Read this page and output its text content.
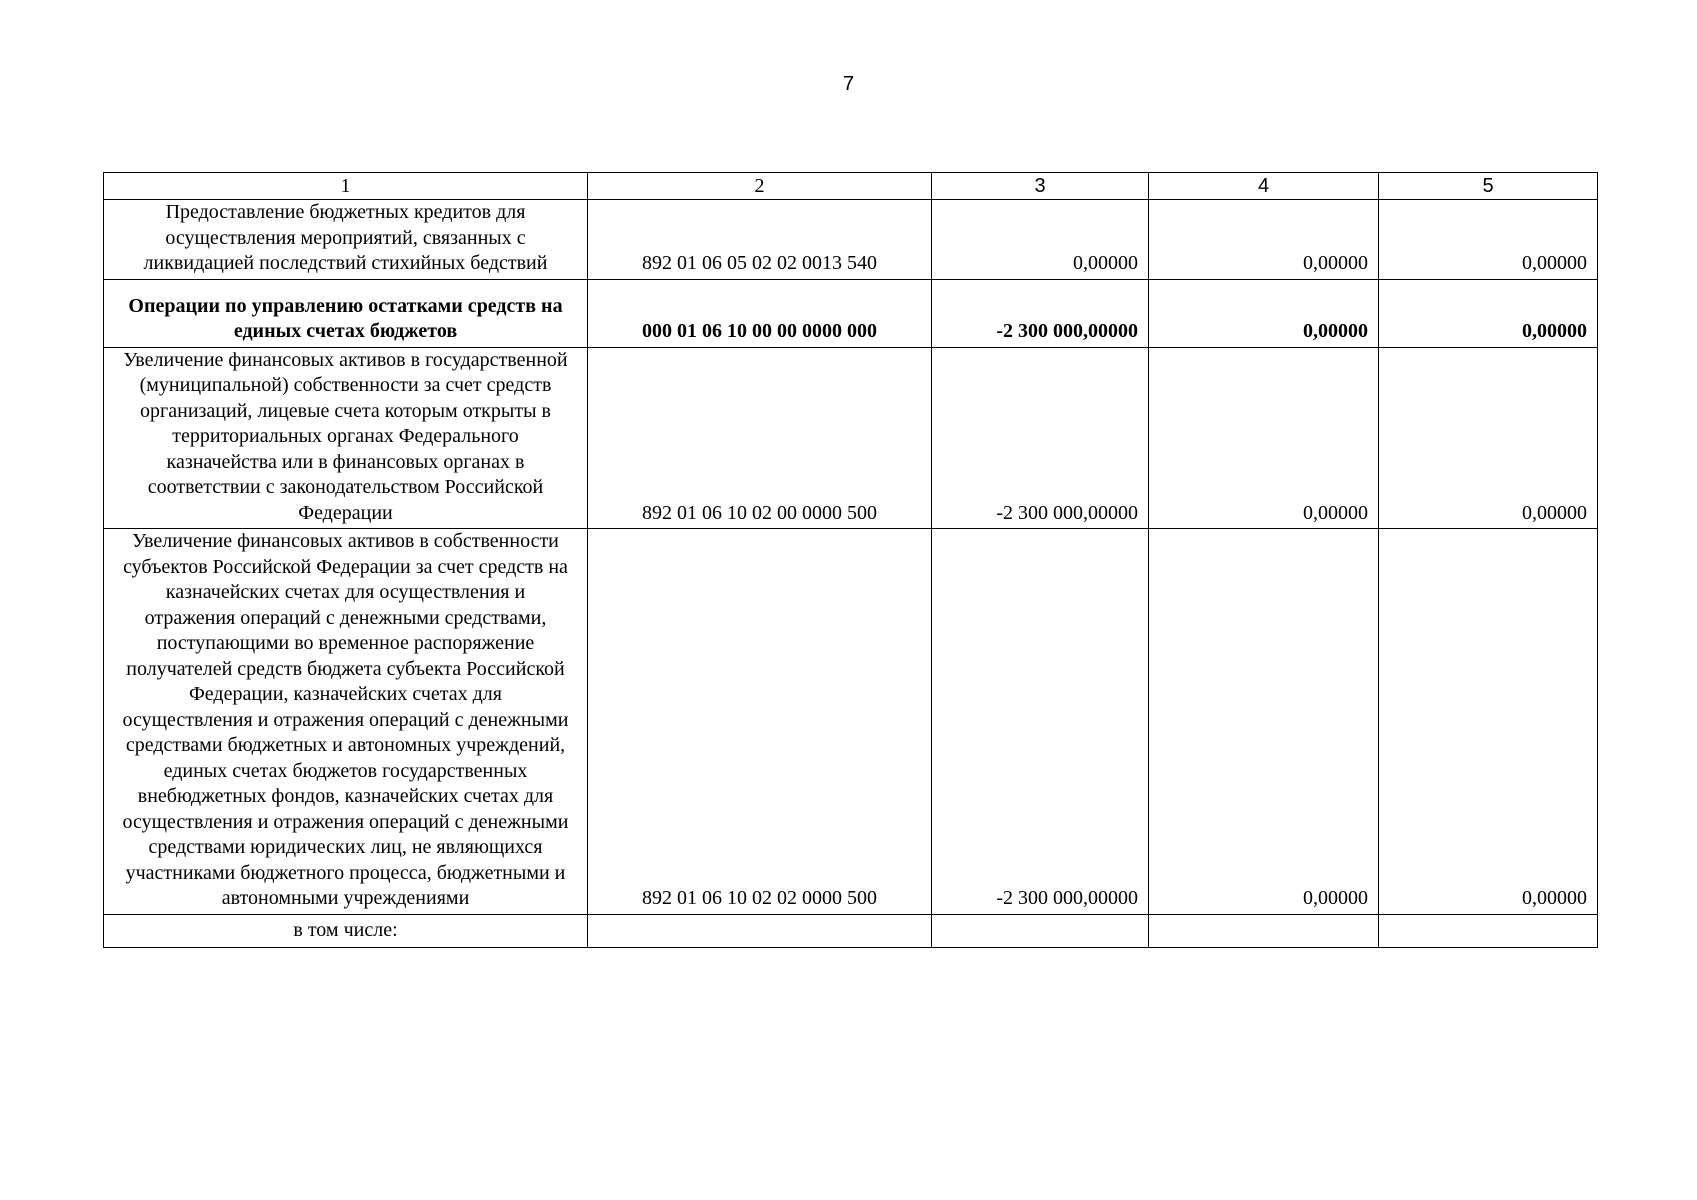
7
1	2	3	4	5
Предоставление бюджетных кредитов для осуществления мероприятий, связанных с ликвидацией последствий стихийных бедствий	892 01 06 05 02 02 0013 540	0,00000	0,00000	0,00000
Операции по управлению остатками средств на единых счетах бюджетов	000 01 06 10 00 00 0000 000	-2 300 000,00000	0,00000	0,00000
Увеличение финансовых активов в государственной (муниципальной) собственности за счет средств организаций, лицевые счета которым открыты в территориальных органах Федерального казначейства или в финансовых органах в соответствии с законодательством Российской Федерации	892 01 06 10 02 00 0000 500	-2 300 000,00000	0,00000	0,00000
Увеличение финансовых активов в собственности субъектов Российской Федерации за счет средств на казначейских счетах для осуществления и отражения операций с денежными средствами, поступающими во временное распоряжение получателей средств бюджета субъекта Российской Федерации, казначейских счетах для осуществления и отражения операций с денежными средствами бюджетных и автономных учреждений, единых счетах бюджетов государственных внебюджетных фондов, казначейских счетах для осуществления и отражения операций с денежными средствами юридических лиц, не являющихся участниками бюджетного процесса, бюджетными и автономными учреждениями	892 01 06 10 02 02 0000 500	-2 300 000,00000	0,00000	0,00000
в том числе:				
